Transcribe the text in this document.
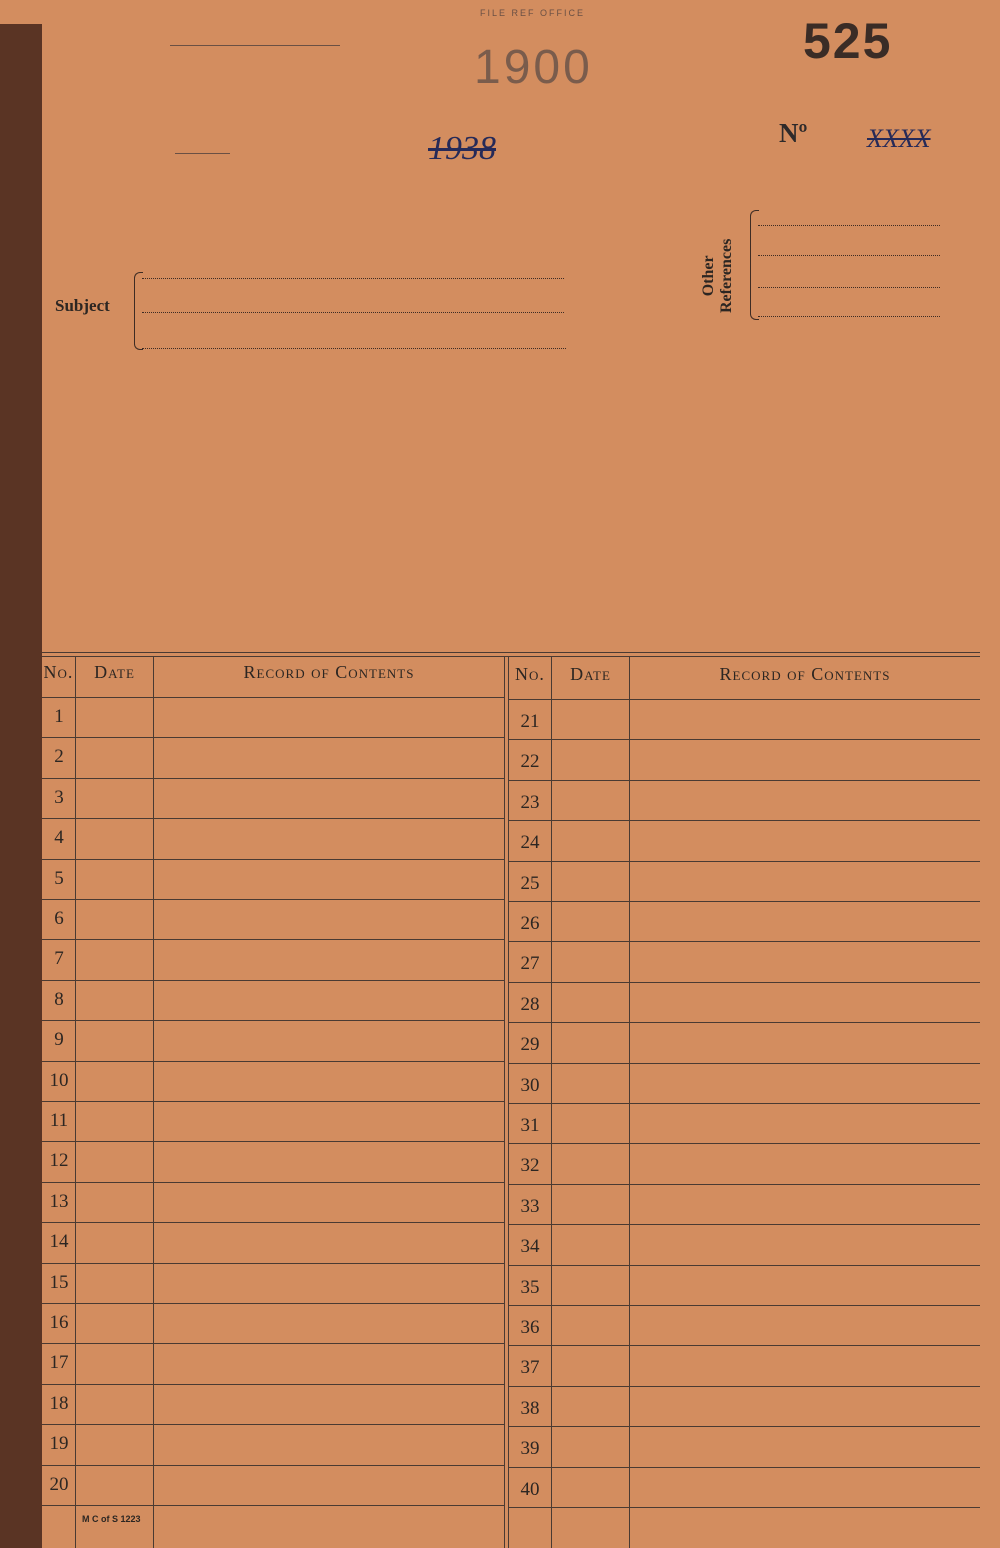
FILE REF OFFICE
1900	525
1938	Nº XXXX
Subject
Other References
No.	Date	Record of Contents	No.	Date	Record of Contents
1
2
3
4
5
6
7
8
9
10
11
12
13
14
15
16
17
18
19
20
21
22
23
24
25
26
27
28
29
30
31
32
33
34
35
36
37
38
39
40
M C of S 1223
